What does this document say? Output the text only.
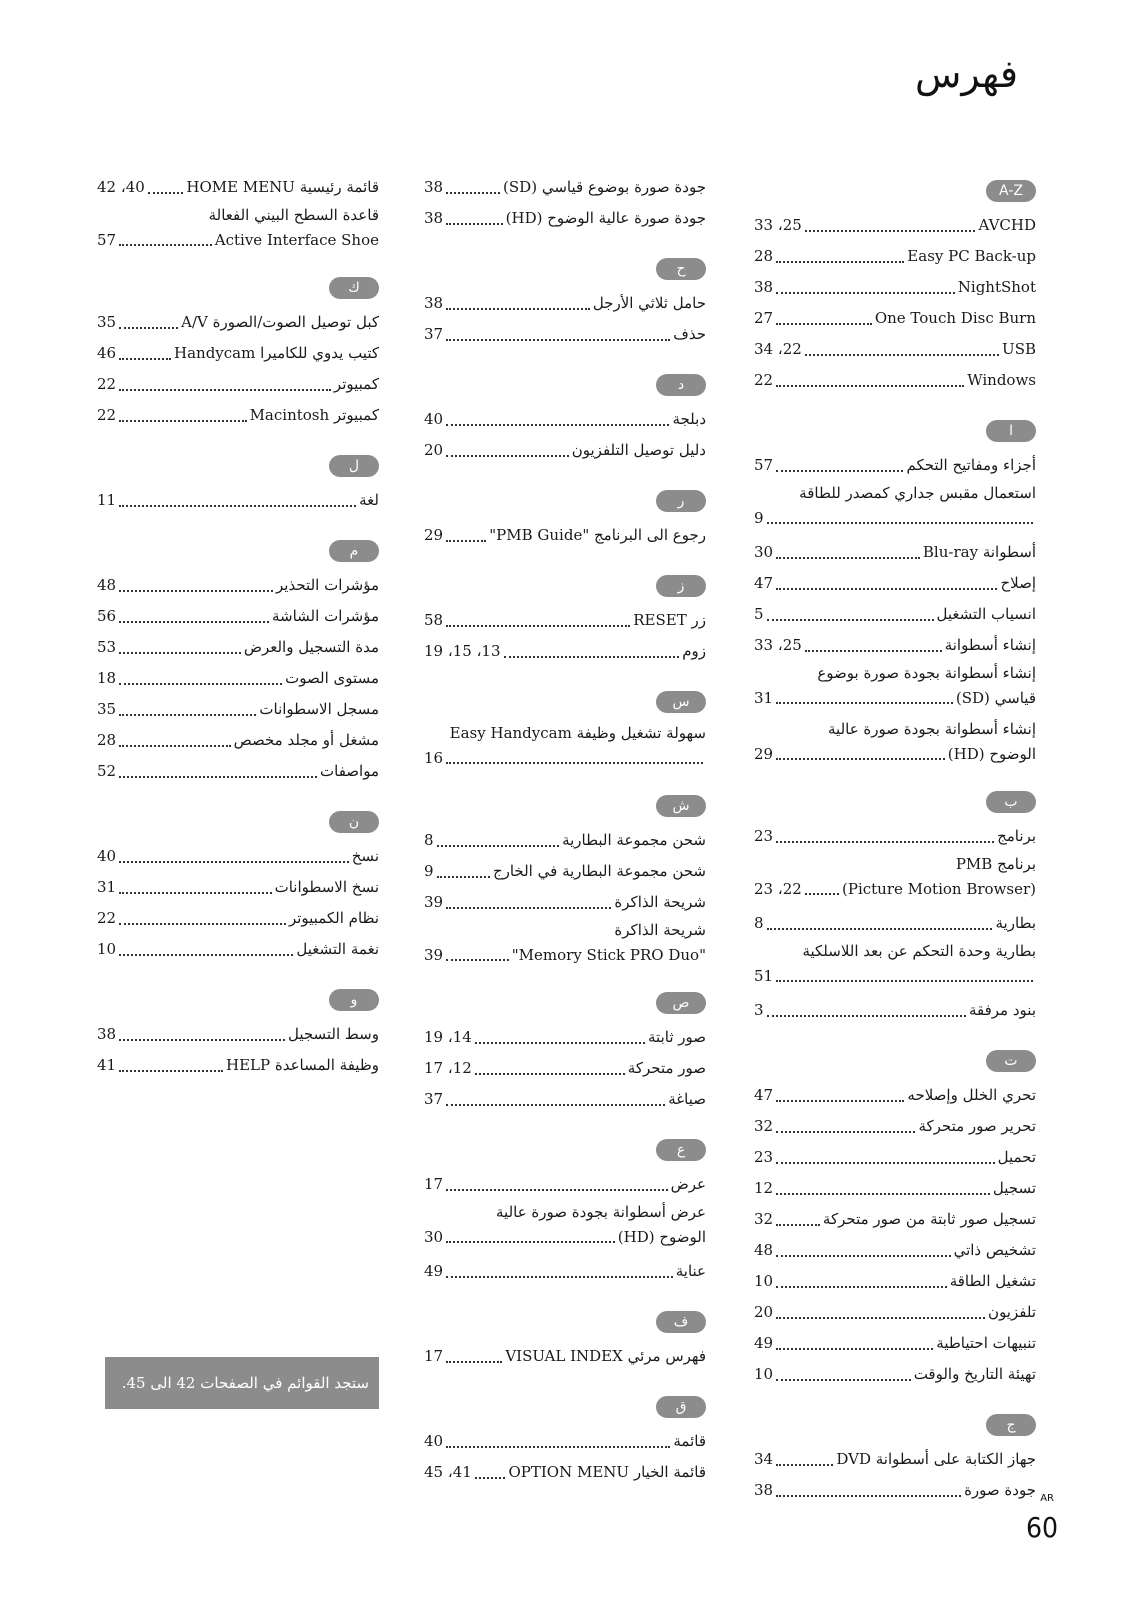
فهرس
A-Z
AVCHD
25، 33
Easy PC Back-up
28
NightShot
38
One Touch Disc Burn
27
USB
22، 34
Windows
22
ا
أجزاء ومفاتيح التحكم
57
استعمال مقبس جداري كمصدر للطاقة
9
أسطوانة Blu-ray
30
إصلاح
47
انسياب التشغيل
5
إنشاء أسطوانة
25، 33
إنشاء أسطوانة بجودة صورة بوضوع
قياسي (SD)
31
إنشاء أسطوانة بجودة صورة عالية
الوضوح (HD)
29
ب
برنامج
23
برنامج PMB
(Picture Motion Browser)
22، 23
بطارية
8
بطارية وحدة التحكم عن بعد اللاسلكية
51
بنود مرفقة
3
ت
تحري الخلل وإصلاحه
47
تحرير صور متحركة
32
تحميل
23
تسجيل
12
تسجيل صور ثابتة من صور متحركة
32
تشخيص ذاتي
48
تشغيل الطاقة
10
تلفزيون
20
تنبيهات احتياطية
49
تهيئة التاريخ والوقت
10
ج
جهاز الكتابة على أسطوانة DVD
34
جودة صورة
38
جودة صورة بوضوع قياسي (SD)
38
جودة صورة عالية الوضوح (HD)
38
ح
حامل ثلاثي الأرجل
38
حذف
37
د
دبلجة
40
دليل توصيل التلفزيون
20
ر
رجوع الى البرنامج "PMB Guide"
29
ز
زر RESET
58
زوم
13، 15، 19
س
سهولة تشغيل وظيفة Easy Handycam
16
ش
شحن مجموعة البطارية
8
شحن مجموعة البطارية في الخارج
9
شريحة الذاكرة
39
شريحة الذاكرة
"Memory Stick PRO Duo"
39
ص
صور ثابتة
14، 19
صور متحركة
12، 17
صياغة
37
ع
عرض
17
عرض أسطوانة بجودة صورة عالية
الوضوح (HD)
30
عناية
49
ف
فهرس مرئي VISUAL INDEX
17
ق
قائمة
40
قائمة الخيار OPTION MENU
41، 45
قائمة رئيسية HOME MENU
40، 42
قاعدة السطح البيني الفعالة
Active Interface Shoe
57
ك
كبل توصيل الصوت/الصورة A/V
35
كتيب يدوي للكاميرا Handycam
46
كمبيوتر
22
كمبيوتر Macintosh
22
ل
لغة
11
م
مؤشرات التحذير
48
مؤشرات الشاشة
56
مدة التسجيل والعرض
53
مستوى الصوت
18
مسجل الاسطوانات
35
مشغل أو مجلد مخصص
28
مواصفات
52
ن
نسخ
40
نسخ الاسطوانات
31
نظام الكمبيوتر
22
نغمة التشغيل
10
و
وسط التسجيل
38
وظيفة المساعدة HELP
41
ستجد القوائم في الصفحات 42 الى 45.
AR
60
